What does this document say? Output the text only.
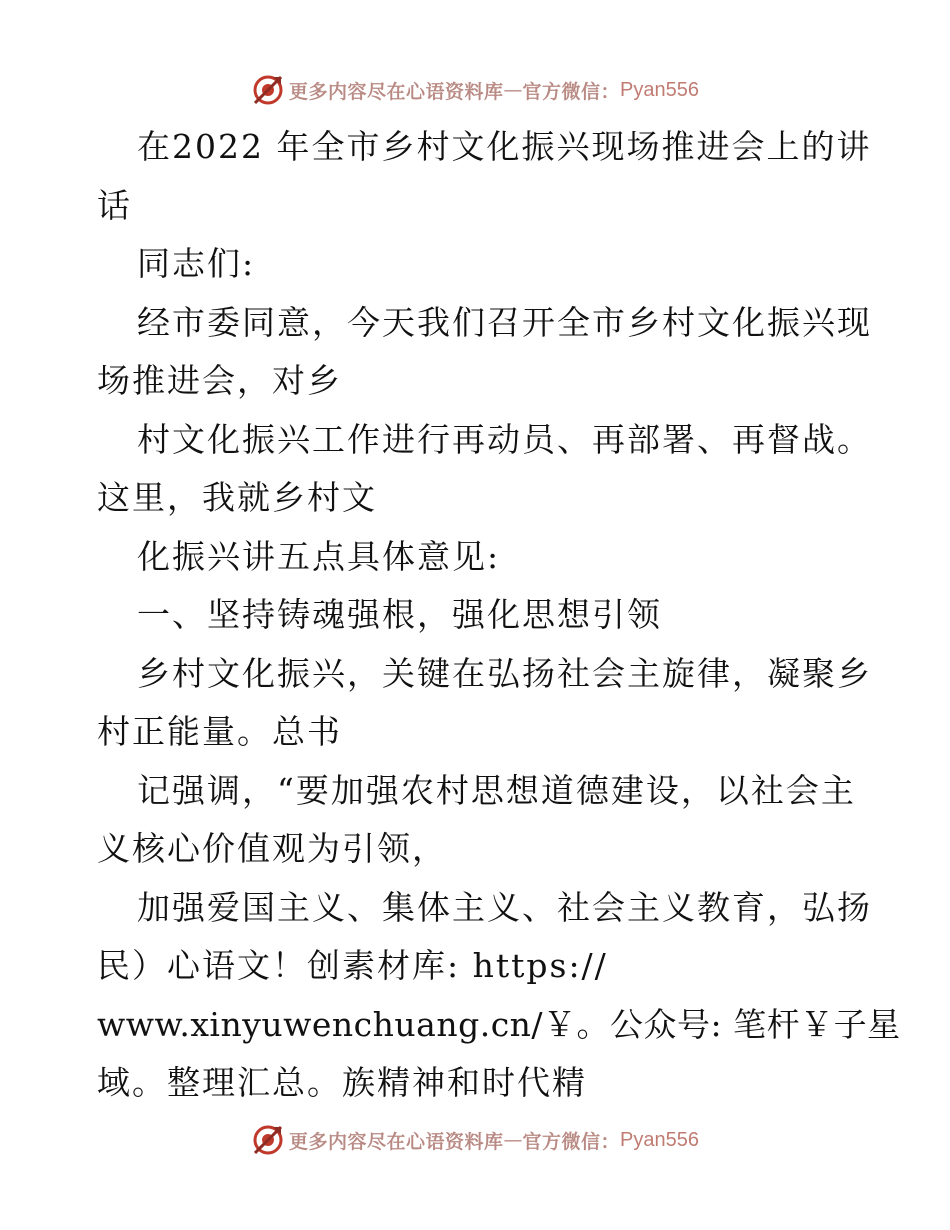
更多内容尽在心语资料库 — 官方微信： Pyan556
在2022 年全市乡村文化振兴现场推进会上的讲
话
同志们:
经市委同意，今天我们召开全市乡村文化振兴现
场推进会，对乡
村文化振兴工作进行再动员、再部署、再督战。
这里，我就乡村文
化振兴讲五点具体意见:
一、坚持铸魂强根，强化思想引领
乡村文化振兴，关键在弘扬社会主旋律，凝聚乡
村正能量。总书
记强调，“要加强农村思想道德建设，以社会主
义核心价值观为引领，
加强爱国主义、集体主义、社会主义教育，弘扬
民）心语文！创素材库: https://
www.xinyuwenchuang.cn/￥。公众号: 笔杆￥子星
域。整理汇总。族精神和时代精
更多内容尽在心语资料库 — 官方微信： Pyan556
